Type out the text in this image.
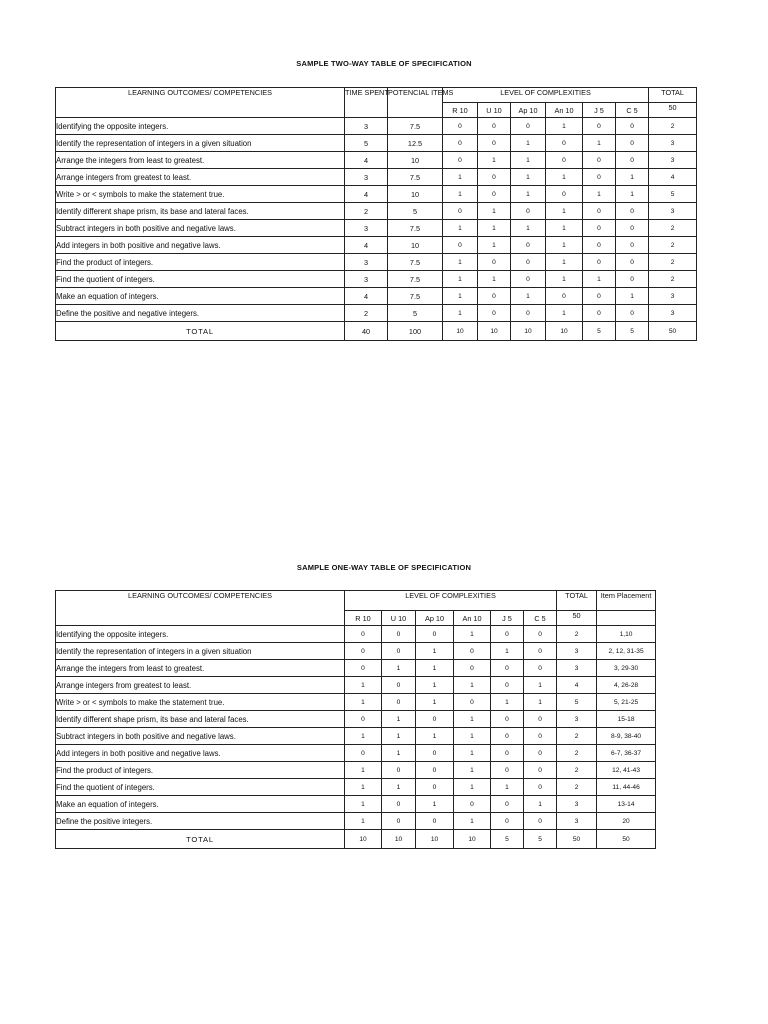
SAMPLE TWO-WAY TABLE OF SPECIFICATION
LEARNING OUTCOMES/ COMPETENCIES	TIME SPENT	POTENCIAL ITEMS	LEVEL OF COMPLEXITIES						TOTAL
			R 10	U 10	Ap 10	An 10	J 5	C 5	50
Identifying the opposite integers.	3	7.5	0	0	0	1	0	0	2
Identify the representation of integers in a given situation	5	12.5	0	0	1	0	1	0	3
Arrange the integers from least to greatest.	4	10	0	1	1	0	0	0	3
Arrange integers from greatest to least.	3	7.5	1	0	1	1	0	1	4
Write > or < symbols to make the statement true.	4	10	1	0	1	0	1	1	5
Identify different shape prism, its base and lateral faces.	2	5	0	1	0	1	0	0	3
Subtract integers in both positive and negative laws.	3	7.5	1	1	1	1	0	0	2
Add integers in both positive and negative laws.	4	10	0	1	0	1	0	0	2
Find the product of integers.	3	7.5	1	0	0	1	0	0	2
Find the quotient of integers.	3	7.5	1	1	0	1	1	0	2
Make an equation of integers.	4	7.5	1	0	1	0	0	1	3
Define the positive and negative integers.	2	5	1	0	0	1	0	0	3
TOTAL	40	100	10	10	10	10	5	5	50
SAMPLE ONE-WAY TABLE OF SPECIFICATION
LEARNING OUTCOMES/ COMPETENCIES	LEVEL OF COMPLEXITIES						TOTAL	Item Placement
	R 10	U 10	Ap 10	An 10	J 5	C 5	50	
Identifying the opposite integers.	0	0	0	1	0	0	2	1,10
Identify the representation of integers in a given situation	0	0	1	0	1	0	3	2, 12, 31-35
Arrange the integers from least to greatest.	0	1	1	0	0	0	3	3, 29-30
Arrange integers from greatest to least.	1	0	1	1	0	1	4	4, 26-28
Write > or < symbols to make the statement true.	1	0	1	0	1	1	5	5, 21-25
Identify different shape prism, its base and lateral faces.	0	1	0	1	0	0	3	15-18
Subtract integers in both positive and negative laws.	1	1	1	1	0	0	2	8-9, 38-40
Add integers in both positive and negative laws.	0	1	0	1	0	0	2	6-7, 36-37
Find the product of integers.	1	0	0	1	0	0	2	12, 41-43
Find the quotient of integers.	1	1	0	1	1	0	2	11, 44-46
Make an equation of integers.	1	0	1	0	0	1	3	13-14
Define the positive integers.	1	0	0	1	0	0	3	20
TOTAL	10	10	10	10	5	5	50	50
